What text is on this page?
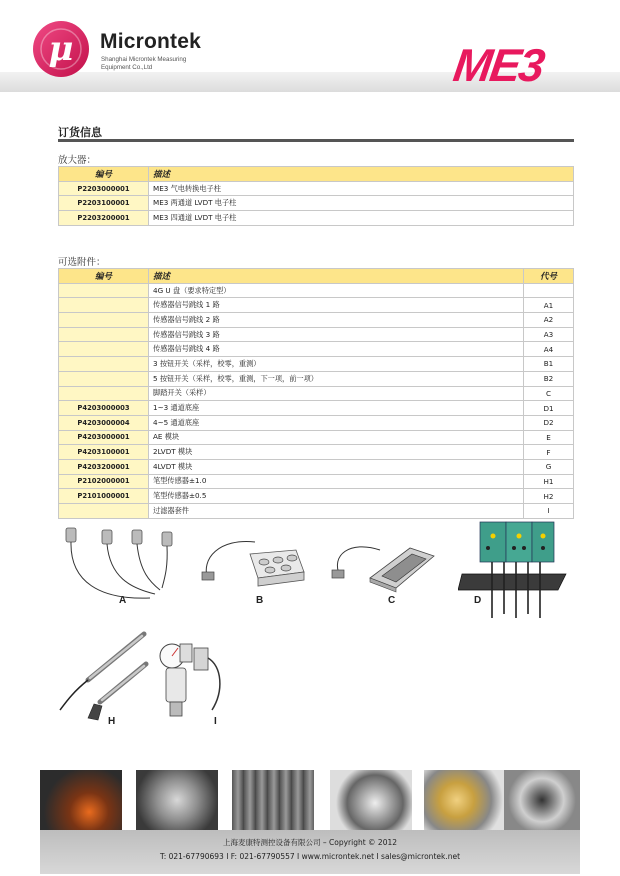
μ Microntek
Shanghai Microntek Measuring
Equipment Co.,Ltd	ME3
订货信息
放大器：
编号	描述
P2203000001	ME3 气电转换电子柱
P2203100001	ME3 两通道 LVDT 电子柱
P2203200001	ME3 四通道 LVDT 电子柱
可选附件：
编号	描述	代号
	4G U 盘（要求特定型）	
	传感器信号跳线 1 路	A1
	传感器信号跳线 2 路	A2
	传感器信号跳线 3 路	A3
	传感器信号跳线 4 路	A4
	3 按钮开关（采样，校零，重测）	B1
	5 按钮开关（采样，校零，重测，下一项，前一项）	B2
	脚踏开关（采样）	C
P4203000003	1~3 通道底座	D1
P4203000004	4~5 通道底座	D2
P4203000001	AE 模块	E
P4203100001	2LVDT 模块	F
P4203200001	4LVDT 模块	G
P2102000001	笔型传感器±1.0	H1
P2101000001	笔型传感器±0.5	H2
	过滤器套件	I
A	B	C	D
H	I
上海麦康特测控设备有限公司 – Copyright © 2012
T: 021-67790693 I F: 021-67790557 I www.microntek.net I sales@microntek.net
